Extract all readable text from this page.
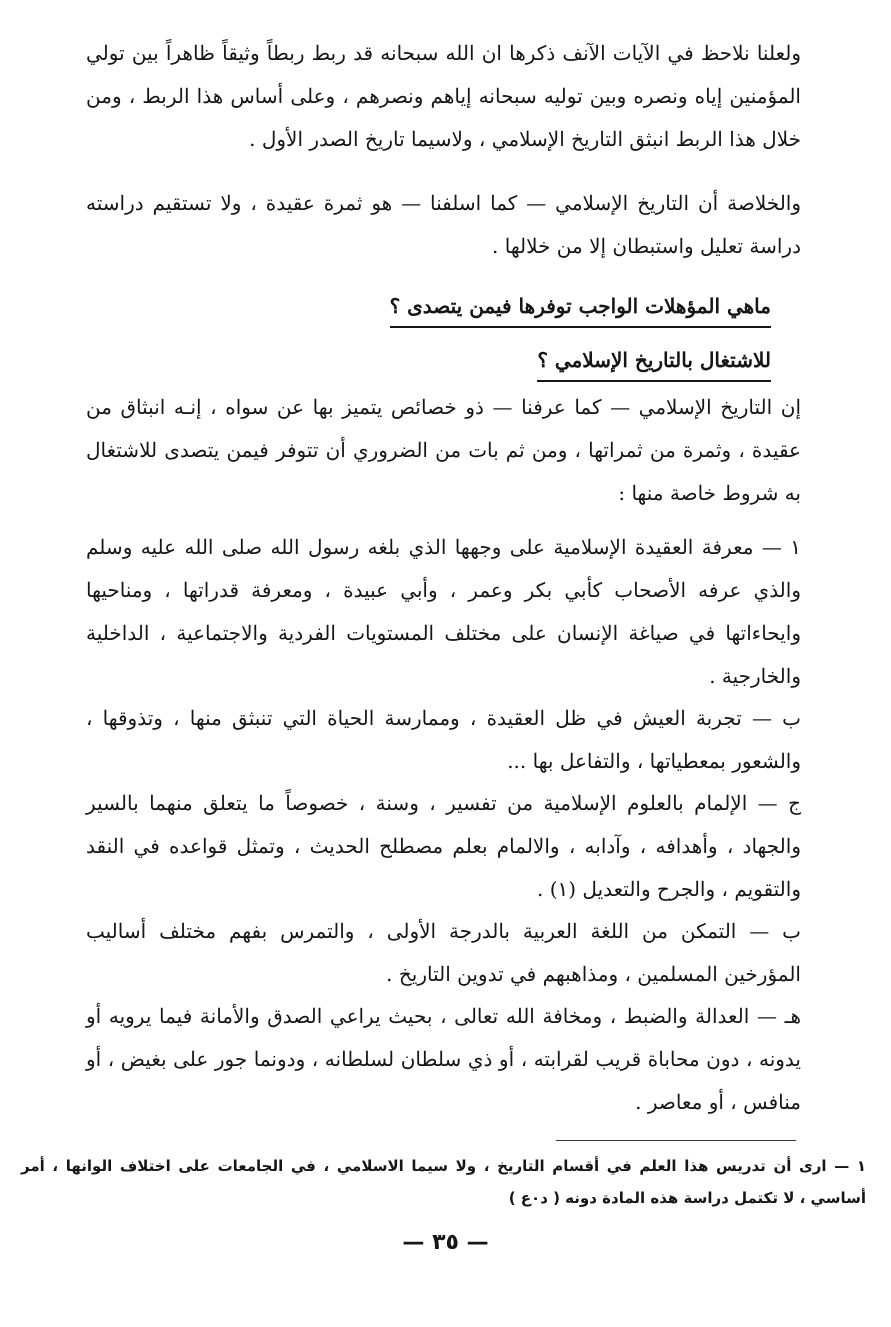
ولعلنا نلاحظ في الآيات الآنف ذكرها ان الله سبحانه قد ربط ربطاً وثيقاً ظاهراً بين تولي المؤمنين إياه ونصره وبين توليه سبحانه إياهم ونصرهم ، وعلى أساس هذا الربط ، ومن خلال هذا الربط انبثق التاريخ الإسلامي ، ولاسيما تاريخ الصدر الأول .

والخلاصة أن التاريخ الإسلامي — كما اسلفنا — هو ثمرة عقيدة ، ولا تستقيم دراسته دراسة تعليل واستبطان إلا من خلالها .

ماهي المؤهلات الواجب توفرها فيمن يتصدى ؟

للاشتغال بالتاريخ الإسلامي ؟

إن التاريخ الإسلامي — كما عرفنا — ذو خصائص يتميز بها عن سواه ، إنـه انبثاق من عقيدة ، وثمرة من ثمراتها ، ومن ثم بات من الضروري أن تتوفر فيمن يتصدى للاشتغال به شروط خاصة منها :

١ — معرفة العقيدة الإسلامية على وجهها الذي بلغه رسول الله صلى الله عليه وسلم والذي عرفه الأصحاب كأبي بكر وعمر ، وأبي عبيدة ، ومعرفة قدراتها ، ومناحيها وايحاءاتها في صياغة الإنسان على مختلف المستويات الفردية والاجتماعية ، الداخلية والخارجية .

ب — تجربة العيش في ظل العقيدة ، وممارسة الحياة التي تنبثق منها ، وتذوقها ، والشعور بمعطياتها ، والتفاعل بها ...

ج — الإلمام بالعلوم الإسلامية من تفسير ، وسنة ، خصوصاً ما يتعلق منهما بالسير والجهاد ، وأهدافه ، وآدابه ، والالمام بعلم مصطلح الحديث ، وتمثل قواعده في النقد والتقويم ، والجرح والتعديل (١) .

ب — التمكن من اللغة العربية بالدرجة الأولى ، والتمرس بفهم مختلف أساليب المؤرخين المسلمين ، ومذاهبهم في تدوين التاريخ .

هـ — العدالة والضبط ، ومخافة الله تعالى ، بحيث يراعي الصدق والأمانة فيما يرويه أو يدونه ، دون محاباة قريب لقرابته ، أو ذي سلطان لسلطانه ، ودونما جور على بغيض ، أو منافس ، أو معاصر .

١ — ارى أن تدريس هذا العلم في أقسام التاريخ ، ولا سيما الاسلامي ، في الجامعات على اختلاف الوانها ، أمر أساسي ، لا تكتمل دراسة هذه المادة دونه ( د٠ع )

— ٣٥ —
